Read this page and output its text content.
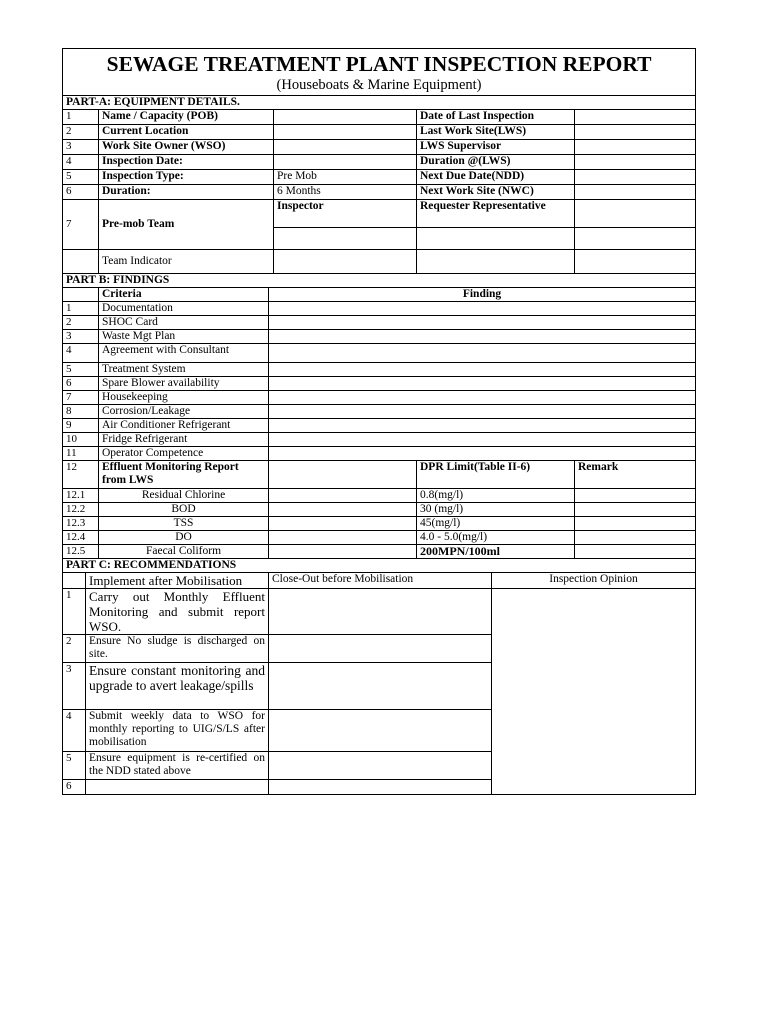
SEWAGE TREATMENT PLANT INSPECTION REPORT
(Houseboats & Marine Equipment)				

PART-A: EQUIPMENT DETAILS.				
1	Name / Capacity (POB)		Date of Last Inspection	
2	Current Location		Last Work Site(LWS)	
3	Work Site Owner (WSO)		LWS Supervisor	
4	Inspection Date:		Duration @(LWS)	
5	Inspection Type:	Pre Mob	Next Due Date(NDD)	
6	Duration:	6 Months	Next Work Site (NWC)	
7	Pre-mob Team	Inspector	Requester Representative	

	Team Indicator			
PART B: FINDINGS				
	Criteria	Finding		
1	Documentation			
2	SHOC Card			
3	Waste Mgt Plan			
4	Agreement with Consultant			
5	Treatment System			
6	Spare Blower availability			
7	Housekeeping			
8	Corrosion/Leakage			
9	Air Conditioner Refrigerant			
10	Fridge Refrigerant			
11	Operator Competence			
12	Effluent Monitoring Report from LWS		DPR Limit(Table II-6)	Remark
12.1	Residual Chlorine		0.8(mg/l)	
12.2	BOD		30 (mg/l)	
12.3	TSS		45(mg/l)	
12.4	DO		4.0 - 5.0(mg/l)	
12.5	Faecal Coliform		200MPN/100ml	
PART C: RECOMMENDATIONS			
	Implement after Mobilisation	Close-Out before Mobilisation	Inspection Opinion
1	Carry out Monthly Effluent Monitoring and submit report WSO.		
2	Ensure No sludge is discharged on site.		
3	Ensure constant monitoring and upgrade to avert leakage/spills		
4	Submit weekly data to WSO for monthly reporting to UIG/S/LS after mobilisation		
5	Ensure equipment is re-certified on the NDD stated above		
6			
